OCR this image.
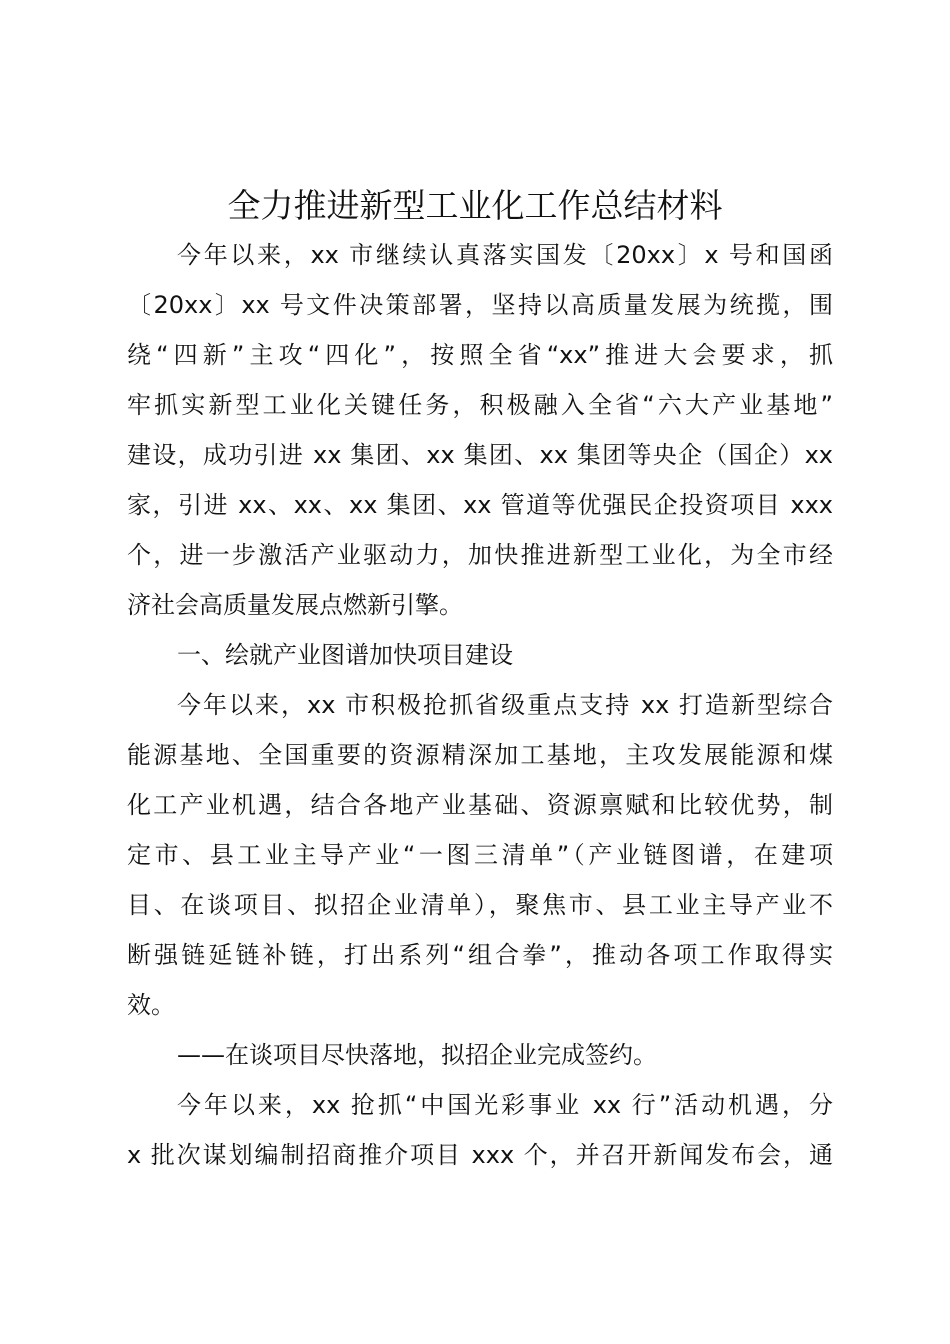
全力推进新型工业化工作总结材料
今年以来，xx 市继续认真落实国发〔20xx〕x 号和国函
〔20xx〕xx 号文件决策部署，坚持以高质量发展为统揽，围
绕“四新”主攻“四化”，按照全省“xx”推进大会要求，抓
牢抓实新型工业化关键任务，积极融入全省“六大产业基地”
建设，成功引进 xx 集团、xx 集团、xx 集团等央企（国企）xx
家，引进 xx、xx、xx 集团、xx 管道等优强民企投资项目 xxx
个，进一步激活产业驱动力，加快推进新型工业化，为全市经
济社会高质量发展点燃新引擎。
一、绘就产业图谱加快项目建设
今年以来，xx 市积极抢抓省级重点支持 xx 打造新型综合
能源基地、全国重要的资源精深加工基地，主攻发展能源和煤
化工产业机遇，结合各地产业基础、资源禀赋和比较优势，制
定市、县工业主导产业“一图三清单”（产业链图谱，在建项
目、在谈项目、拟招企业清单），聚焦市、县工业主导产业不
断强链延链补链，打出系列“组合拳”，推动各项工作取得实
效。
——在谈项目尽快落地，拟招企业完成签约。
今年以来，xx 抢抓“中国光彩事业 xx 行”活动机遇，分
x 批次谋划编制招商推介项目 xxx 个，并召开新闻发布会，通
